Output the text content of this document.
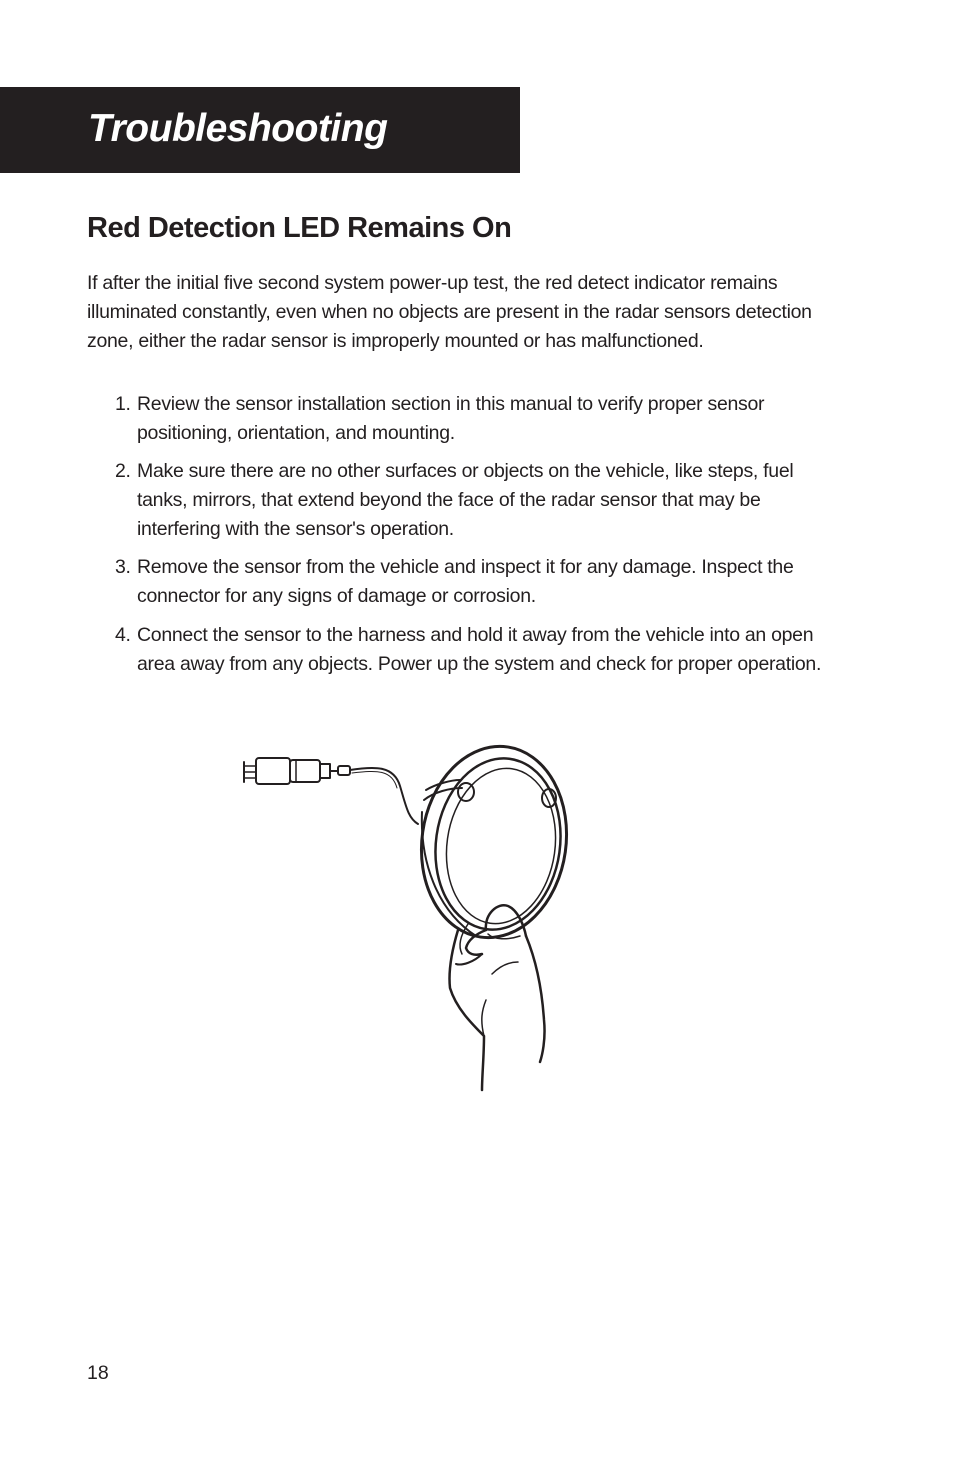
Troubleshooting
Red Detection LED Remains On

If after the initial five second system power-up test, the red detect indicator remains illuminated constantly, even when no objects are present in the radar sensors detection zone, either the radar sensor is improperly mounted or has malfunctioned.

1. Review the sensor installation section in this manual to verify proper sensor positioning, orientation, and mounting.
2. Make sure there are no other surfaces or objects on the vehicle, like steps, fuel tanks, mirrors, that extend beyond the face of the radar sensor that may be interfering with the sensor's operation.
3. Remove the sensor from the vehicle and inspect it for any damage. Inspect the connector for any signs of damage or corrosion.
4. Connect the sensor to the harness and hold it away from the vehicle into an open area away from any objects. Power up the system and check for proper operation.
18
